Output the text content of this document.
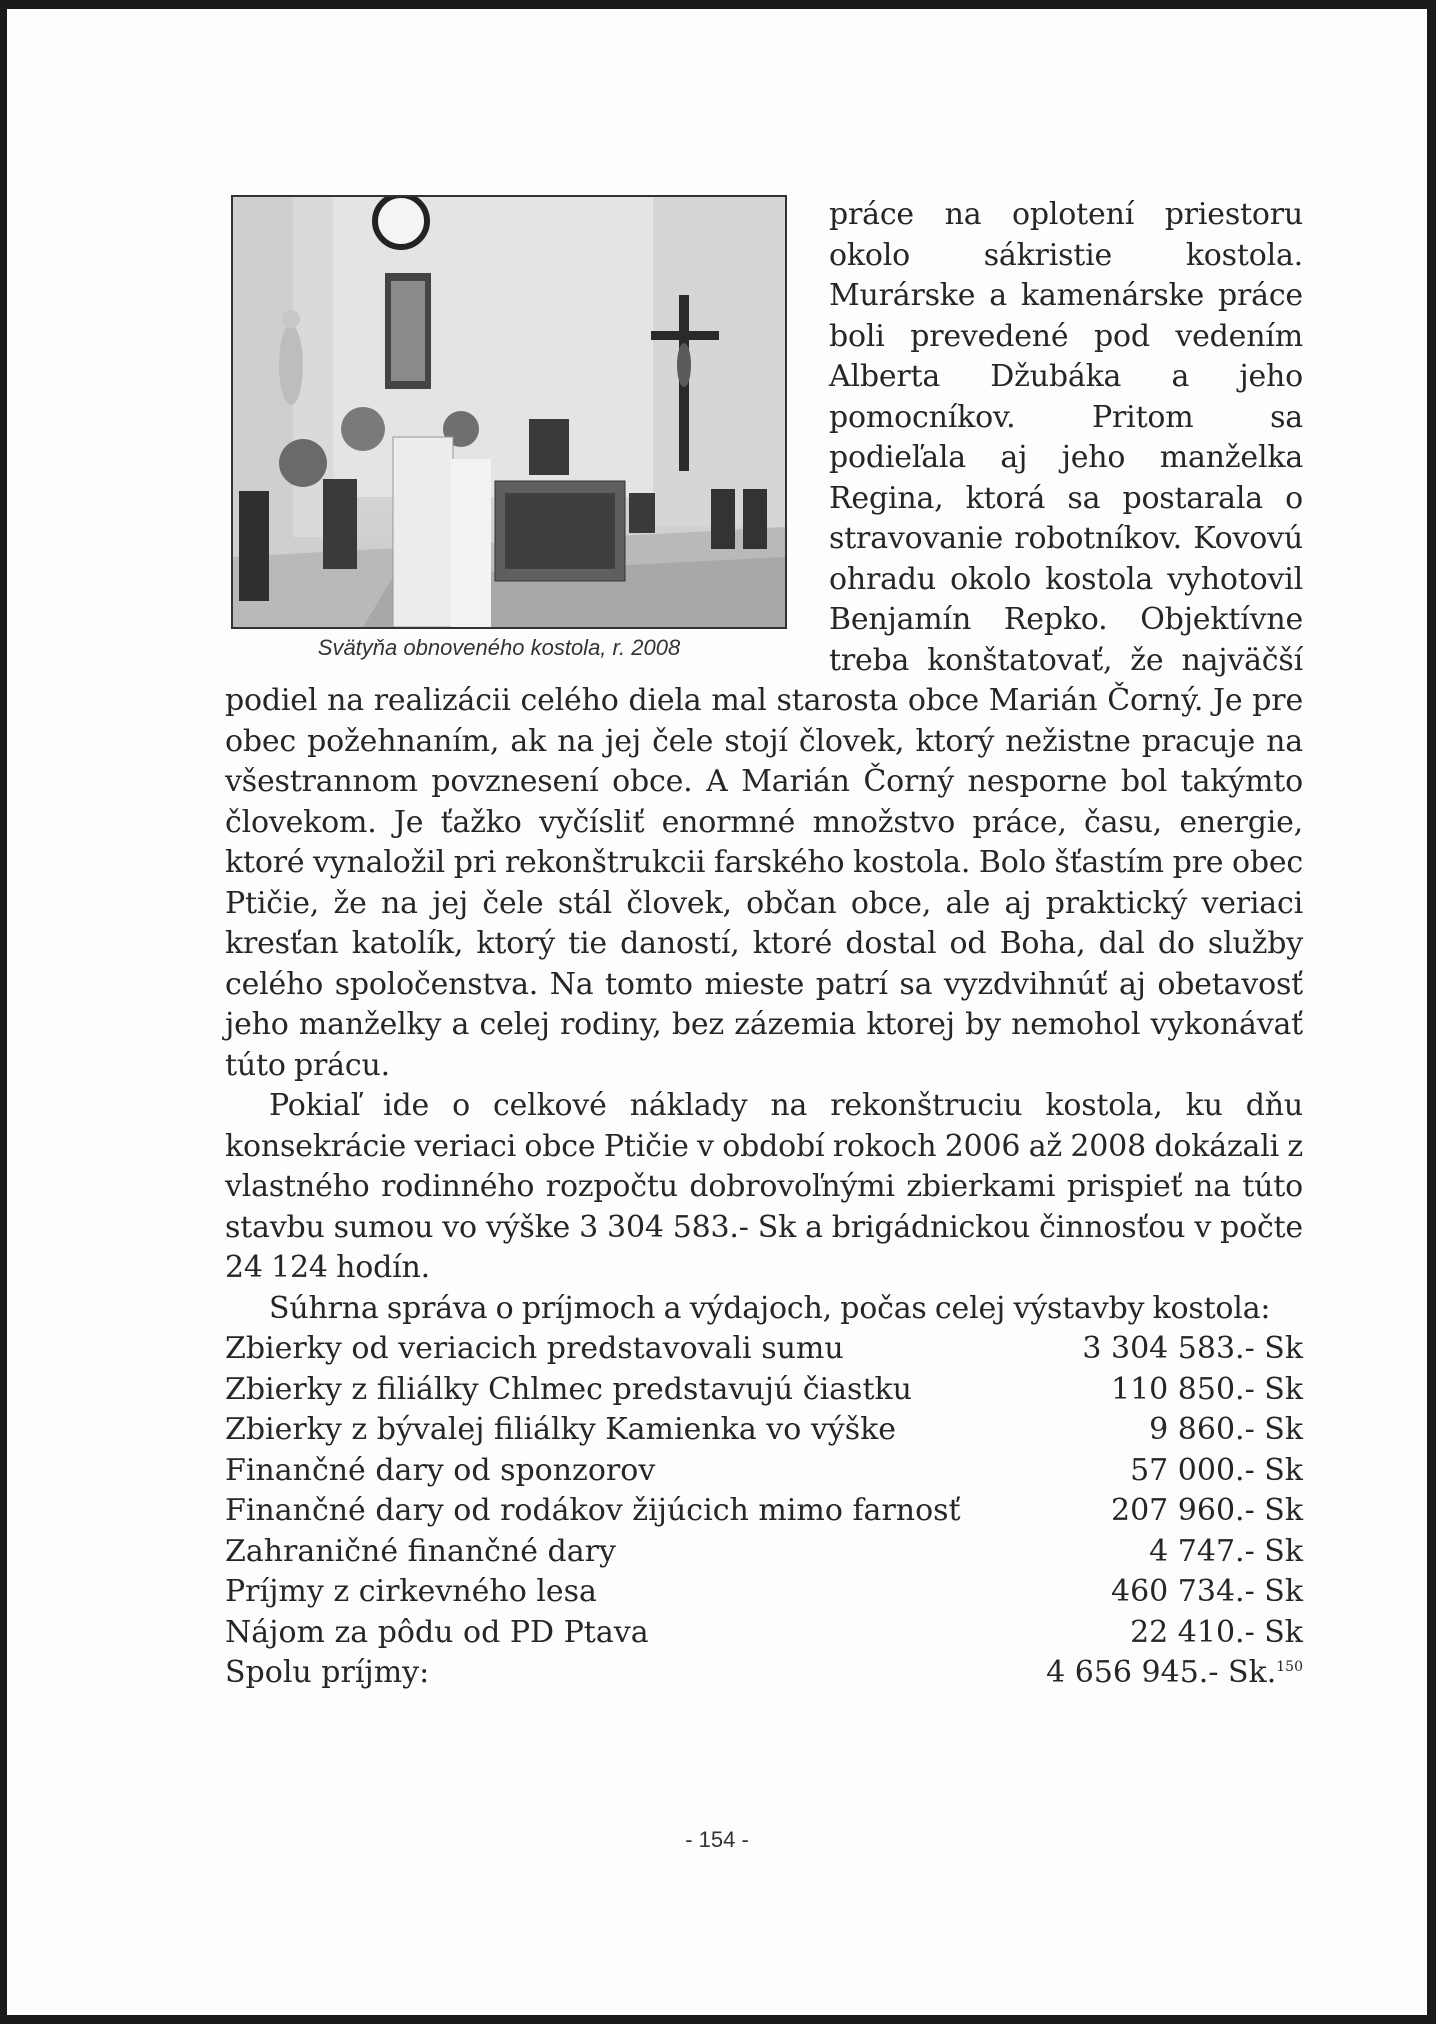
Svätyňa obnoveného kostola, r. 2008

práce na oplotení priestoru okolo sákristie kostola. Murárske a kamenárske práce boli prevedené pod vedením Alberta Džubáka a jeho pomocníkov. Pritom sa podieľala aj jeho manželka Regina, ktorá sa postarala o stravovanie robotníkov. Kovovú ohradu okolo kostola vyhotovil Benjamín Repko. Objektívne treba konštatovať, že najväčší podiel na realizácii celého diela mal starosta obce Marián Čorný. Je pre obec požehnaním, ak na jej čele stojí človek, ktorý nežistne pracuje na všestrannom povznesení obce. A Marián Čorný nesporne bol takýmto človekom. Je ťažko vyčísliť enormné množstvo práce, času, energie, ktoré vynaložil pri rekonštrukcii farského kostola. Bolo šťastím pre obec Ptičie, že na jej čele stál človek, občan obce, ale aj praktický veriaci kresťan katolík, ktorý tie daností, ktoré dostal od Boha, dal do služby celého spoločenstva. Na tomto mieste patrí sa vyzdvihnúť aj obetavosť jeho manželky a celej rodiny, bez zázemia ktorej by nemohol vykonávať túto prácu.

Pokiaľ ide o celkové náklady na rekonštruciu kostola, ku dňu konsekrácie veriaci obce Ptičie v období rokoch 2006 až 2008 dokázali z vlastného rodinného rozpočtu dobrovoľnými zbierkami prispieť na túto stavbu sumou vo výške 3 304 583.- Sk a brigádnickou činnosťou v počte 24 124 hodín.

Súhrna správa o príjmoch a výdajoch, počas celej výstavby kostola:

Zbierky od veriacich predstavovali sumu	3 304 583.- Sk
Zbierky z filiálky Chlmec predstavujú čiastku	110 850.- Sk
Zbierky z bývalej filiálky Kamienka vo výške	9 860.- Sk
Finančné dary od sponzorov	57 000.- Sk
Finančné dary od rodákov žijúcich mimo farnosť	207 960.- Sk
Zahraničné finančné dary	4 747.- Sk
Príjmy z cirkevného lesa	460 734.- Sk
Nájom za pôdu od PD Ptava	22 410.- Sk
Spolu príjmy:	4 656 945.- Sk.$^{150}$
- 154 -
